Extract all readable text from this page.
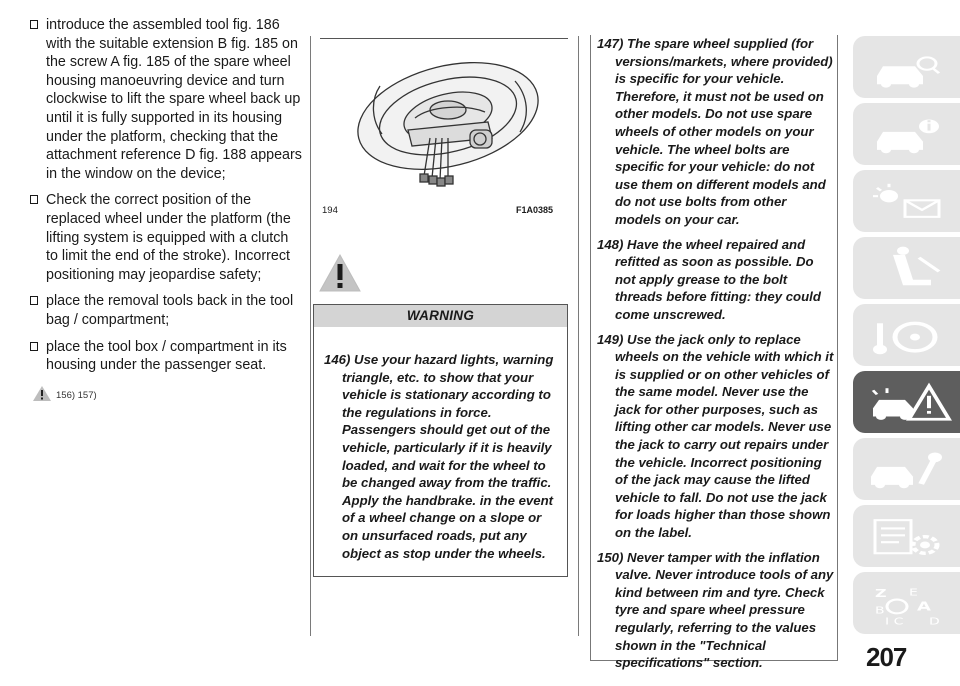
introduce the assembled tool fig. 186 with the suitable extension B fig. 185 on the screw A fig. 185 of the spare wheel housing manoeuvring device and turn clockwise to lift the spare wheel back up until it is fully supported in its housing under the platform, checking that the attachment reference D fig. 188 appears in the window on the device;
Check the correct position of the replaced wheel under the platform (the lifting system is equipped with a clutch to limit the end of the stroke). Incorrect positioning may jeopardise safety;
place the removal tools back in the tool bag / compartment;
place the tool box / compartment in its housing under the passenger seat.
156) 157)
194	F1A0385
WARNING
146) Use your hazard lights, warning triangle, etc. to show that your vehicle is stationary according to the regulations in force. Passengers should get out of the vehicle, particularly if it is heavily loaded, and wait for the wheel to be changed away from the traffic. Apply the handbrake. in the event of a wheel change on a slope or on unsurfaced roads, put any object as stop under the wheels.
147) The spare wheel supplied (for versions/markets, where provided) is specific for your vehicle. Therefore, it must not be used on other models. Do not use spare wheels of other models on your vehicle. The wheel bolts are specific for your vehicle: do not use them on different models and do not use bolts from other models on your car.
148) Have the wheel repaired and refitted as soon as possible. Do not apply grease to the bolt threads before fitting: they could come unscrewed.
149) Use the jack only to replace wheels on the vehicle with which it is supplied or on other vehicles of the same model. Never use the jack for other purposes, such as lifting other car models. Never use the jack to carry out repairs under the vehicle. Incorrect positioning of the jack may cause the lifted vehicle to fall. Do not use the jack for loads higher than those shown on the label.
150) Never tamper with the inflation valve. Never introduce tools of any kind between rim and tyre. Check tyre and spare wheel pressure regularly, referring to the values shown in the "Technical specifications" section.
Z E
A
B
I C D
207
